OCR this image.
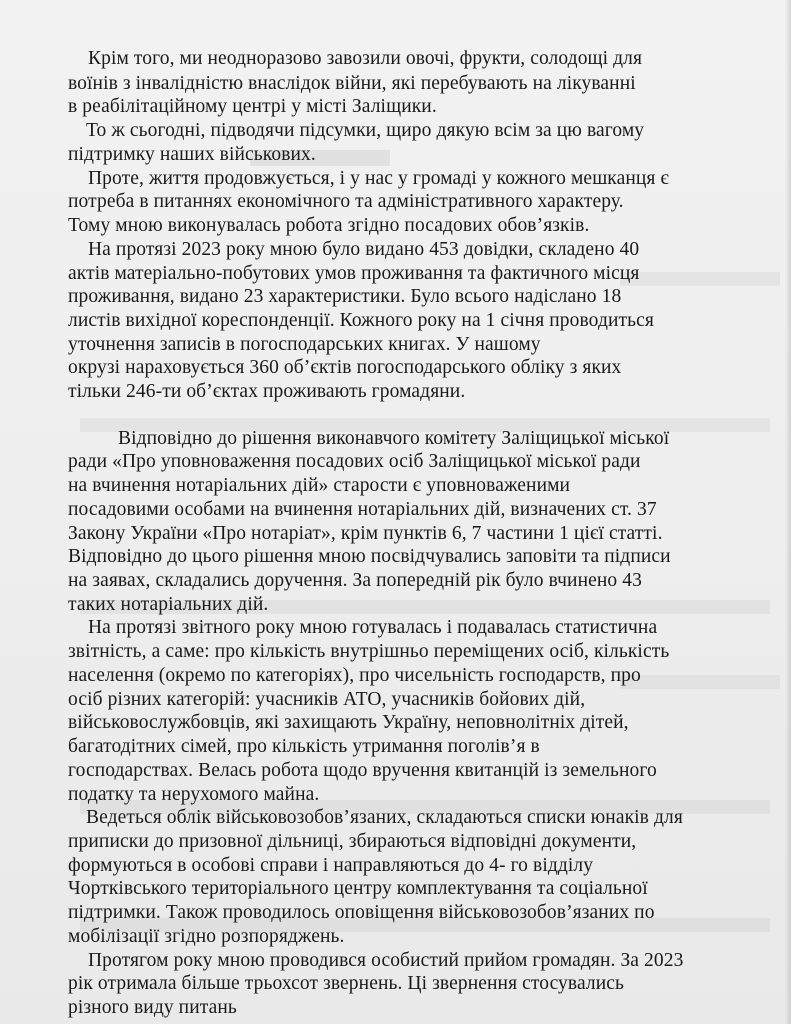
Крім того, ми неодноразово завозили овочі, фрукти, солодощі для
воїнів з інвалідністю внаслідок війни, які перебувають на лікуванні
в реабілітаційному центрі у місті Заліщики.
То ж сьогодні, підводячи підсумки, щиро дякую всім за цю вагому
підтримку наших військових.
Проте, життя продовжується, і у нас у громаді у кожного мешканця є
потреба в питаннях економічного та адміністративного характеру.
Тому мною виконувалась робота згідно посадових обов’язків.
На протязі 2023 року мною було видано 453 довідки, складено 40
актів матеріально-побутових умов проживання та фактичного місця
проживання, видано 23 характеристики. Було всього надіслано 18
листів вихідної кореспонденції. Кожного року на 1 січня проводиться
уточнення записів в погосподарських книгах. У нашому
окрузі нараховується 360 об’єктів погосподарського обліку з яких
тільки 246-ти об’єктах проживають громадяни.
Відповідно до рішення виконавчого комітету Заліщицької міської
ради «Про уповноваження посадових осіб Заліщицької міської ради
на вчинення нотаріальних дій» старости є уповноваженими
посадовими особами на вчинення нотаріальних дій, визначених ст. 37
Закону України «Про нотаріат», крім пунктів 6, 7 частини 1 цієї статті.
Відповідно до цього рішення мною посвідчувались заповіти та підписи
на заявах, складались доручення. За попередній рік було вчинено 43
таких нотаріальних дій.
На протязі звітного року мною готувалась і подавалась статистична
звітність, а саме: про кількість внутрішньо переміщених осіб, кількість
населення (окремо по категоріях), про чисельність господарств, про
осіб різних категорій: учасників АТО, учасників бойових дій,
військовослужбовців, які захищають Україну, неповнолітніх дітей,
багатодітних сімей, про кількість утримання поголів’я в
господарствах. Велась робота щодо вручення квитанцій із земельного
податку та нерухомого майна.
Ведеться облік військовозобов’язаних, складаються списки юнаків для
приписки до призовної дільниці, збираються відповідні документи,
формуються в особові справи і направляються до 4- го відділу
Чортківського територіального центру комплектування та соціальної
підтримки. Також проводилось оповіщення військовозобов’язаних по
мобілізації згідно розпоряджень.
Протягом року мною проводився особистий прийом громадян. За 2023
рік отримала більше трьохсот звернень. Ці звернення стосувались
різного виду питань
